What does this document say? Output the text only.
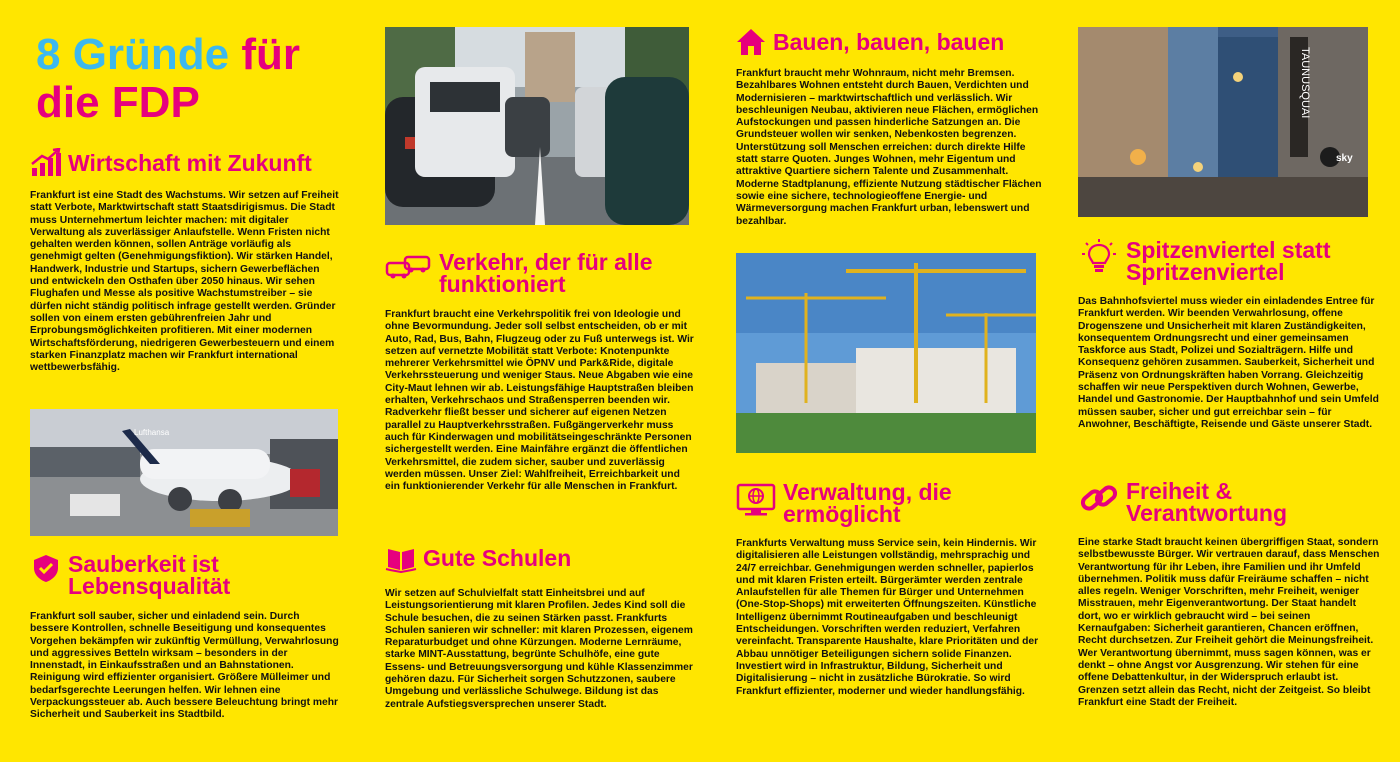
8 Gründe für
die FDP
Wirtschaft mit Zukunft
Frankfurt ist eine Stadt des Wachstums. Wir setzen auf Freiheit statt Verbote, Marktwirtschaft statt Staatsdirigismus. Die Stadt muss Unternehmertum leichter machen: mit digitaler Verwaltung als zuverlässiger Anlaufstelle. Wenn Fristen nicht gehalten werden können, sollen Anträge vorläufig als genehmigt gelten (Genehmigungsfiktion). Wir stärken Handel, Handwerk, Industrie und Startups, sichern Gewerbeflächen und entwickeln den Osthafen über 2050 hinaus. Wir sehen Flughafen und Messe als positive Wachstumstreiber – sie dürfen nicht ständig politisch infrage gestellt werden. Gründer sollen von einem ersten gebührenfreien Jahr und Erprobungsmöglichkeiten profitieren. Mit einer modernen Wirtschaftsförderung, niedrigeren Gewerbesteuern und einem starken Finanzplatz machen wir Frankfurt international wettbewerbsfähig.
Lufthansa
Sauberkeit ist Lebensqualität
Frankfurt soll sauber, sicher und einladend sein. Durch bessere Kontrollen, schnelle Beseitigung und konsequentes Vorgehen bekämpfen wir zukünftig Vermüllung, Verwahrlosung und aggressives Betteln wirksam – besonders in der Innenstadt, in Einkaufsstraßen und an Bahnstationen. Reinigung wird effizienter organisiert. Größere Mülleimer und bedarfsgerechte Leerungen helfen. Wir lehnen eine Verpackungssteuer ab. Auch bessere Beleuchtung bringt mehr Sicherheit und Sauberkeit ins Stadtbild.
Verkehr, der für alle funktioniert
Frankfurt braucht eine Verkehrspolitik frei von Ideologie und ohne Bevormundung. Jeder soll selbst entscheiden, ob er mit Auto, Rad, Bus, Bahn, Flugzeug oder zu Fuß unterwegs ist. Wir setzen auf vernetzte Mobilität statt Verbote: Knotenpunkte mehrerer Verkehrsmittel wie ÖPNV und Park&Ride, digitale Verkehrssteuerung und weniger Staus. Neue Abgaben wie eine City-Maut lehnen wir ab. Leistungsfähige Hauptstraßen bleiben erhalten, Verkehrschaos und Straßensperren beenden wir. Radverkehr fließt besser und sicherer auf eigenen Netzen parallel zu Hauptverkehrsstraßen. Fußgängerverkehr muss auch für Kinderwagen und mobilitätseingeschränkte Personen sichergestellt werden. Eine Mainfähre ergänzt die öffentlichen Verkehrsmittel, die zudem sicher, sauber und zuverlässig werden müssen. Unser Ziel: Wahlfreiheit, Erreichbarkeit und ein funktionierender Verkehr für alle Menschen in Frankfurt.
Gute Schulen
Wir setzen auf Schulvielfalt statt Einheitsbrei und auf Leistungsorientierung mit klaren Profilen. Jedes Kind soll die Schule besuchen, die zu seinen Stärken passt. Frankfurts Schulen sanieren wir schneller: mit klaren Prozessen, eigenem Reparaturbudget und ohne Kürzungen. Moderne Lernräume, starke MINT-Ausstattung, begrünte Schulhöfe, eine gute Essens- und Betreuungsversorgung und kühle Klassenzimmer gehören dazu. Für Sicherheit sorgen Schutzzonen, saubere Umgebung und verlässliche Schulwege. Bildung ist das zentrale Aufstiegsversprechen unserer Stadt.
Bauen, bauen, bauen
Frankfurt braucht mehr Wohnraum, nicht mehr Bremsen. Bezahlbares Wohnen entsteht durch Bauen, Verdichten und Modernisieren – marktwirtschaftlich und verlässlich. Wir beschleunigen Neubau, aktivieren neue Flächen, ermöglichen Aufstockungen und passen hinderliche Satzungen an. Die Grundsteuer wollen wir senken, Nebenkosten begrenzen. Unterstützung soll Menschen erreichen: durch direkte Hilfe statt starre Quoten. Junges Wohnen, mehr Eigentum und attraktive Quartiere sichern Talente und Zusammenhalt. Moderne Stadtplanung, effiziente Nutzung städtischer Flächen sowie eine sichere, technologieoffene Energie- und Wärmeversorgung machen Frankfurt urban, lebenswert und bezahlbar.
Verwaltung, die ermöglicht
Frankfurts Verwaltung muss Service sein, kein Hindernis. Wir digitalisieren alle Leistungen vollständig, mehrsprachig und 24/7 erreichbar. Genehmigungen werden schneller, papierlos und mit klaren Fristen erteilt. Bürgerämter werden zentrale Anlaufstellen für alle Themen für Bürger und Unternehmen (One-Stop-Shops) mit erweiterten Öffnungszeiten. Künstliche Intelligenz übernimmt Routineaufgaben und beschleunigt Entscheidungen. Vorschriften werden reduziert, Verfahren vereinfacht. Transparente Haushalte, klare Prioritäten und der Abbau unnötiger Beteiligungen sichern solide Finanzen. Investiert wird in Infrastruktur, Bildung, Sicherheit und Digitalisierung – nicht in zusätzliche Bürokratie. So wird Frankfurt effizienter, moderner und wieder handlungsfähig.
TAUNUSQUAI
sky
Spitzenviertel statt Spritzenviertel
Das Bahnhofsviertel muss wieder ein einladendes Entree für Frankfurt werden. Wir beenden Verwahrlosung, offene Drogenszene und Unsicherheit mit klaren Zuständigkeiten, konsequentem Ordnungsrecht und einer gemeinsamen Taskforce aus Stadt, Polizei und Sozialträgern. Hilfe und Konsequenz gehören zusammen. Sauberkeit, Sicherheit und Präsenz von Ordnungskräften haben Vorrang. Gleichzeitig schaffen wir neue Perspektiven durch Wohnen, Gewerbe, Handel und Gastronomie. Der Hauptbahnhof und sein Umfeld müssen sauber, sicher und gut erreichbar sein – für Anwohner, Beschäftigte, Reisende und Gäste unserer Stadt.
Freiheit & Verantwortung
Eine starke Stadt braucht keinen übergriffigen Staat, sondern selbstbewusste Bürger. Wir vertrauen darauf, dass Menschen Verantwortung für ihr Leben, ihre Familien und ihr Umfeld übernehmen. Politik muss dafür Freiräume schaffen – nicht alles regeln. Weniger Vorschriften, mehr Freiheit, weniger Misstrauen, mehr Eigenverantwortung. Der Staat handelt dort, wo er wirklich gebraucht wird – bei seinen Kernaufgaben: Sicherheit garantieren, Chancen eröffnen, Recht durchsetzen. Zur Freiheit gehört die Meinungsfreiheit. Wer Verantwortung übernimmt, muss sagen können, was er denkt – ohne Angst vor Ausgrenzung. Wir stehen für eine offene Debattenkultur, in der Widerspruch erlaubt ist. Grenzen setzt allein das Recht, nicht der Zeitgeist. So bleibt Frankfurt eine Stadt der Freiheit.
